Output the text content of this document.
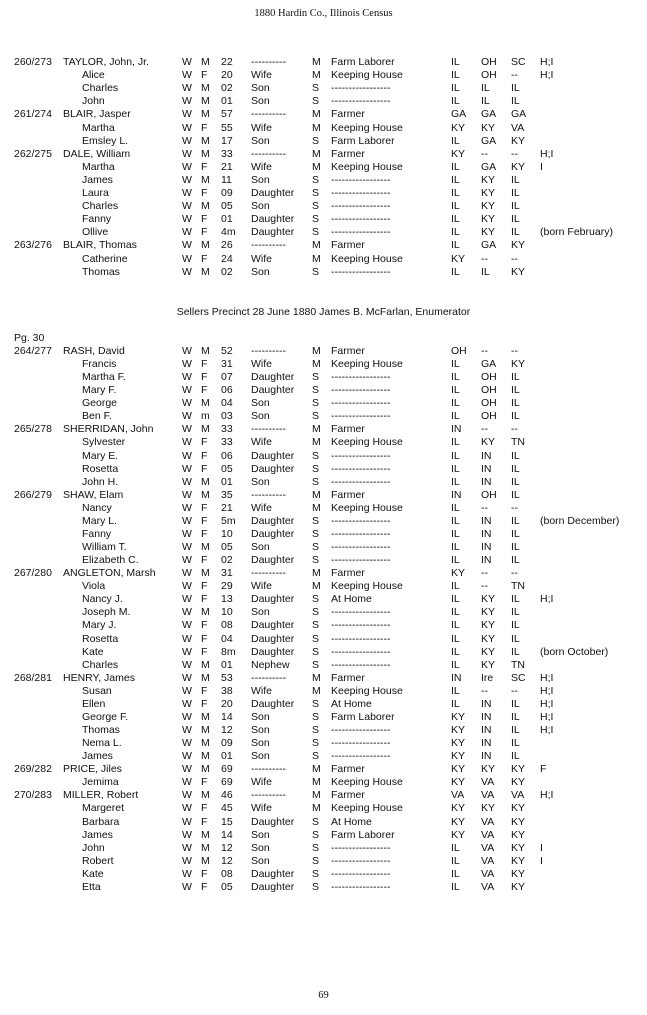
1880 Hardin Co., Illinois Census
260/273 TAYLOR, John, Jr.	W M 22 ---------- M Farm Laborer	IL OH SC H;I
Alice	W F 20 Wife	M Keeping House	IL OH -- H;I
Charles	W M 02 Son	S -----------------	IL IL IL
John	W M 01 Son	S -----------------	IL IL IL
261/274 BLAIR, Jasper	W M 57 ---------- M Farmer	GA GA GA
Martha	W F 55 Wife	M Keeping House	KY KY VA
Emsley L.	W M 17 Son	S Farm Laborer	IL GA KY
262/275 DALE, William	W M 33 ---------- M Farmer	KY -- -- H;I
Martha	W F 21 Wife	M Keeping House	IL GA KY I
James	W M 11 Son	S -----------------	IL KY IL
Laura	W F 09 Daughter S -----------------	IL KY IL
Charles	W M 05 Son	S -----------------	IL KY IL
Fanny	W F 01 Daughter S -----------------	IL KY IL
Ollive	W F 4m Daughter S -----------------	IL KY IL (born February)
263/276 BLAIR, Thomas	W M 26 ---------- M Farmer	IL GA KY
Catherine	W F 24 Wife	M Keeping House	KY -- --
Thomas	W M 02 Son	S -----------------	IL IL KY
Sellers Precinct 28 June 1880 James B. McFarlan, Enumerator
Pg. 30
264/277 RASH, David	W M 52 ---------- M Farmer	OH -- --
Francis	W F 31 Wife	M Keeping House	IL GA KY
Martha F.	W F 07 Daughter S -----------------	IL OH IL
Mary F.	W F 06 Daughter S -----------------	IL OH IL
George	W M 04 Son	S -----------------	IL OH IL
Ben F.	W m 03 Son	S -----------------	IL OH IL
265/278 SHERRIDAN, John	W M 33 ---------- M Farmer	IN -- --
Sylvester	W F 33 Wife	M Keeping House	IL KY TN
Mary E.	W F 06 Daughter S -----------------	IL IN IL
Rosetta	W F 05 Daughter S -----------------	IL IN IL
John H.	W M 01 Son	S -----------------	IL IN IL
266/279 SHAW, Elam	W M 35 ---------- M Farmer	IN OH IL
Nancy	W F 21 Wife	M Keeping House	IL -- --
Mary L.	W F 5m Daughter S -----------------	IL IN IL (born December)
Fanny	W F 10 Daughter S -----------------	IL IN IL
William T.	W M 05 Son	S -----------------	IL IN IL
Elizabeth C.	W F 02 Daughter S -----------------	IL IN IL
267/280 ANGLETON, Marsh	W M 31 ---------- M Farmer	KY -- --
Viola	W F 29 Wife	M Keeping House	IL -- TN
Nancy J.	W F 13 Daughter S At Home	IL KY IL H;I
Joseph M.	W M 10 Son	S -----------------	IL KY IL
Mary J.	W F 08 Daughter S -----------------	IL KY IL
Rosetta	W F 04 Daughter S -----------------	IL KY IL
Kate	W F 8m Daughter S -----------------	IL KY IL (born October)
Charles	W M 01 Nephew S -----------------	IL KY TN
268/281 HENRY, James	W M 53 ---------- M Farmer	IN Ire SC H;I
Susan	W F 38 Wife	M Keeping House	IL -- -- H;I
Ellen	W F 20 Daughter S At Home	IL IN IL H;I
George F.	W M 14 Son	S Farm Laborer	KY IN IL H;I
Thomas	W M 12 Son	S -----------------	KY IN IL H;I
Nema L.	W M 09 Son	S -----------------	KY IN IL
James	W M 01 Son	S -----------------	KY IN IL
269/282 PRICE, Jiles	W M 69 ---------- M Farmer	KY KY KY F
Jemima	W F 69 Wife	M Keeping House	KY VA KY
270/283 MILLER, Robert	W M 46 ---------- M Farmer	VA VA VA H;I
Margeret	W F 45 Wife	M Keeping House	KY KY KY
Barbara	W F 15 Daughter S At Home	KY VA KY
James	W M 14 Son	S Farm Laborer	KY VA KY
John	W M 12 Son	S -----------------	IL VA KY I
Robert	W M 12 Son	S -----------------	IL VA KY I
Kate	W F 08 Daughter S -----------------	IL VA KY
Etta	W F 05 Daughter S -----------------	IL VA KY
69
